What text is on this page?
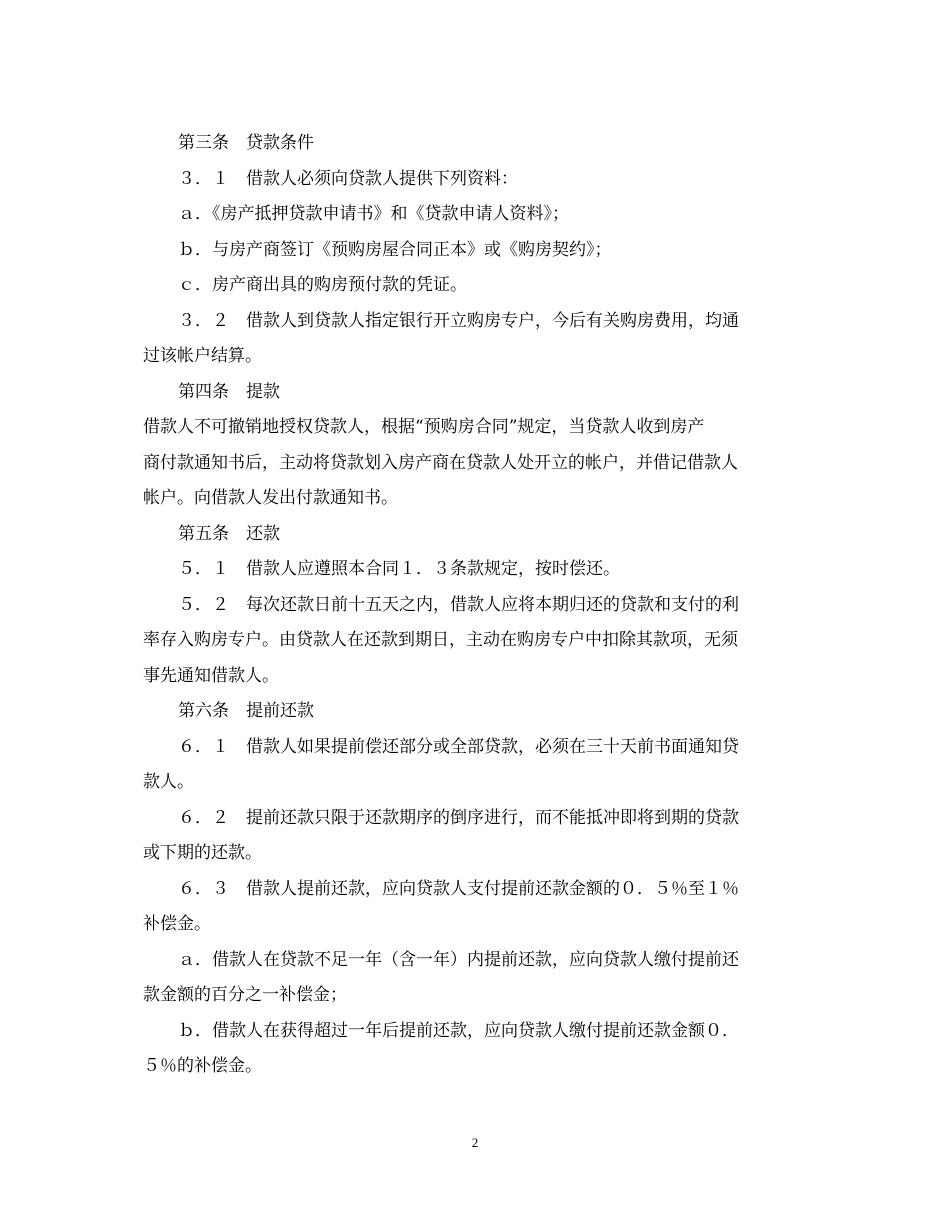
第三条　贷款条件
３．１　借款人必须向贷款人提供下列资料：
ａ．《房产抵押贷款申请书》和《贷款申请人资料》；
ｂ．与房产商签订《预购房屋合同正本》或《购房契约》；
ｃ．房产商出具的购房预付款的凭证。
３．２　借款人到贷款人指定银行开立购房专户，今后有关购房费用，均通
过该帐户结算。
第四条　提款
借款人不可撤销地授权贷款人，根据“预购房合同”规定，当贷款人收到房产
商付款通知书后，主动将贷款划入房产商在贷款人处开立的帐户，并借记借款人
帐户。向借款人发出付款通知书。
第五条　还款
５．１　借款人应遵照本合同１．３条款规定，按时偿还。
５．２　每次还款日前十五天之内，借款人应将本期归还的贷款和支付的利
率存入购房专户。由贷款人在还款到期日，主动在购房专户中扣除其款项，无须
事先通知借款人。
第六条　提前还款
６．１　借款人如果提前偿还部分或全部贷款，必须在三十天前书面通知贷
款人。
６．２　提前还款只限于还款期序的倒序进行，而不能抵冲即将到期的贷款
或下期的还款。
６．３　借款人提前还款，应向贷款人支付提前还款金额的０．５％至１％
补偿金。
ａ．借款人在贷款不足一年（含一年）内提前还款，应向贷款人缴付提前还
款金额的百分之一补偿金；
ｂ．借款人在获得超过一年后提前还款，应向贷款人缴付提前还款金额０．
５％的补偿金。
2
